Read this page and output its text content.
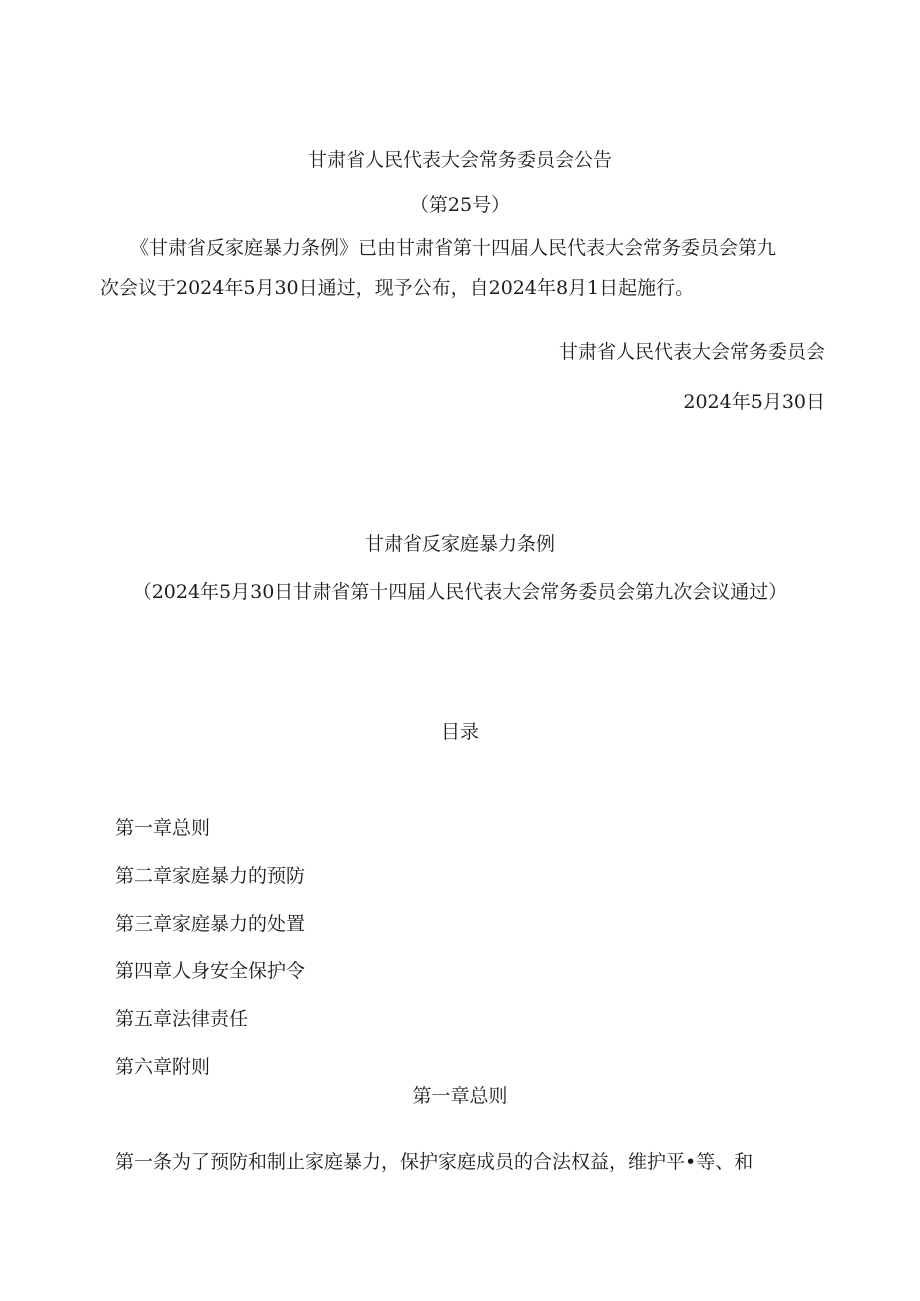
甘肃省人民代表大会常务委员会公告
（第25号）
《甘肃省反家庭暴力条例》已由甘肃省第十四届人民代表大会常务委员会第九
次会议于2024年5月30日通过，现予公布，自2024年8月1日起施行。
甘肃省人民代表大会常务委员会
2024年5月30日
甘肃省反家庭暴力条例
（2024年5月30日甘肃省第十四届人民代表大会常务委员会第九次会议通过）
目录
第一章总则
第二章家庭暴力的预防
第三章家庭暴力的处置
第四章人身安全保护令
第五章法律责任
第六章附则
第一章总则
第一条为了预防和制止家庭暴力，保护家庭成员的合法权益，维护平•等、和
